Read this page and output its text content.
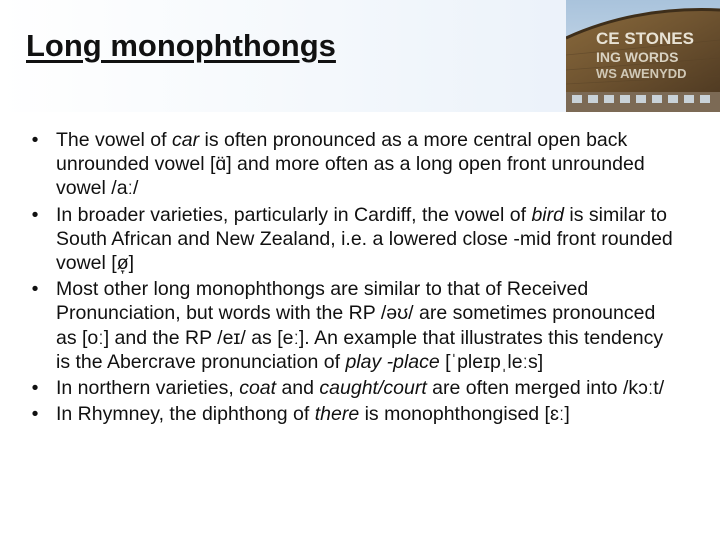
Long monophthongs	CE STONES
ING WORDS
WS AWENYDD
• The vowel of car is often pronounced as a more central open back unrounded vowel [ɑ̈] and more often as a long open front unrounded vowel /aː/
• In broader varieties, particularly in Cardiff, the vowel of bird is similar to South African and New Zealand, i.e. a lowered close -mid front rounded vowel [ø̞]
• Most other long monophthongs are similar to that of Received Pronunciation, but words with the RP /əʊ/ are sometimes pronounced as [oː] and the RP /eɪ/ as [eː]. An example that illustrates this tendency is the Abercrave pronunciation of play -place [ˈpleɪpˌleːs]
• In northern varieties, coat and caught/court are often merged into /kɔːt/
• In Rhymney, the diphthong of there is monophthongised [ɛː]
